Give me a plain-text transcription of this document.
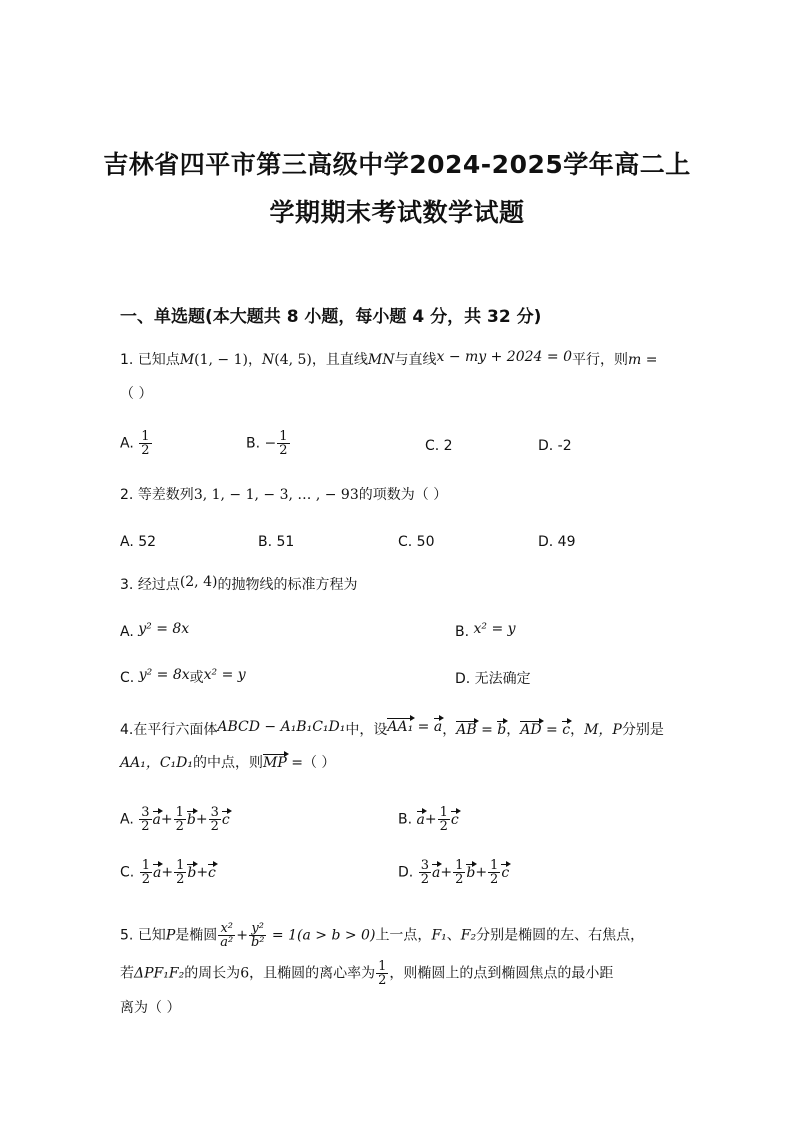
吉林省四平市第三高级中学2024-2025学年高二上
学期期末考试数学试题
一、单选题(本大题共 8 小题，每小题 4 分，共 32 分)
1. 已知点M(1, − 1)，N(4, 5)，且直线MN与直线x − my + 2024 = 0平行，则m =
（ ）
A. $\frac{1}{2}$	B. − $\frac{1}{2}$	C. 2	D. -2
2. 等差数列3, 1, − 1, − 3, … , − 93的项数为（ ）
A. 52	B. 51	C. 50	D. 49
3. 经过点(2, 4)的抛物线的标准方程为
A. y² = 8x	B. x² = y
C. y² = 8x或x² = y	D. 无法确定
4.在平行六面体ABCD − A₁B₁C₁D₁中，设AA₁ = a，AB = b，AD = c，M，P分别是
AA₁，C₁D₁的中点，则MP =（ ）
A. $\frac{3}{2} a+ \frac{1}{2} b+ \frac{3}{2}$ c	B. $a+ \frac{1}{2}$ c
C. $\frac{1}{2} a+ \frac{1}{2} b+c$	D. $\frac{3}{2} a+ \frac{1}{2} b+ \frac{1}{2}$ c
5. 已知P是椭圆 $\frac{\text{x²}}{\text{a²}} + \frac{\text{y²}}{\text{b²}} = 1(a > b > 0)$上一点，F₁、F₂分别是椭圆的左、右焦点，
若ΔPF₁F₂的周长为6，且椭圆的离心率为 $\frac{1}{2}$ ，则椭圆上的点到椭圆焦点的最小距
离为（ ）
